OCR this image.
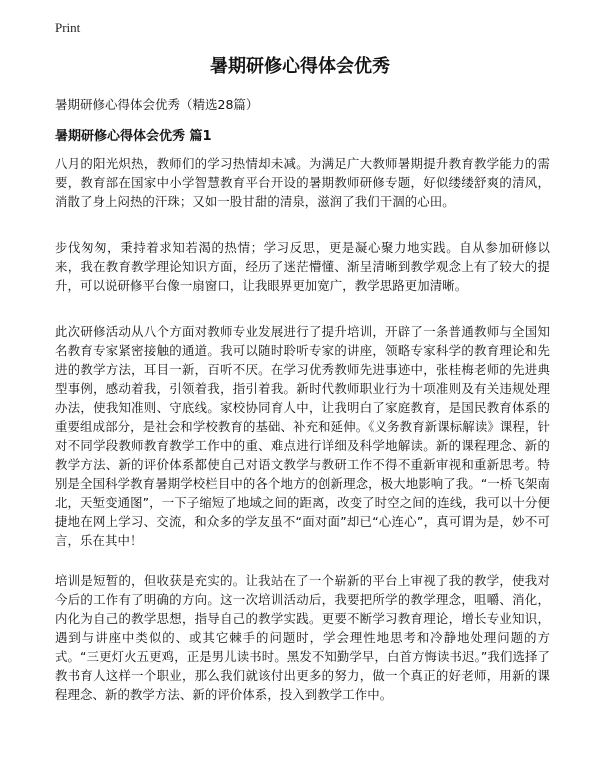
Print
暑期研修心得体会优秀

暑期研修心得体会优秀（精选28篇）

暑期研修心得体会优秀 篇1

八月的阳光炽热，教师们的学习热情却未减。为满足广大教师暑期提升教育教学能力的需要，教育部在国家中小学智慧教育平台开设的暑期教师研修专题，好似缕缕舒爽的清风，消散了身上闷热的汗珠；又如一股甘甜的清泉，滋润了我们干涸的心田。

步伐匆匆，秉持着求知若渴的热情；学习反思，更是凝心聚力地实践。自从参加研修以来，我在教育教学理论知识方面，经历了迷茫懵懂、渐呈清晰到教学观念上有了较大的提升，可以说研修平台像一扇窗口，让我眼界更加宽广，教学思路更加清晰。

此次研修活动从八个方面对教师专业发展进行了提升培训，开辟了一条普通教师与全国知名教育专家紧密接触的通道。我可以随时聆听专家的讲座，领略专家科学的教育理论和先进的教学方法，耳目一新，百听不厌。在学习优秀教师先进事迹中，张桂梅老师的先进典型事例，感动着我，引领着我，指引着我。新时代教师职业行为十项准则及有关违规处理办法，使我知准则、守底线。家校协同育人中，让我明白了家庭教育，是国民教育体系的重要组成部分，是社会和学校教育的基础、补充和延伸。《义务教育新课标解读》课程，针对不同学段教师教育教学工作中的重、难点进行详细及科学地解读。新的课程理念、新的教学方法、新的评价体系都使自己对语文教学与教研工作不得不重新审视和重新思考。特别是全国科学教育暑期学校栏目中的各个地方的创新理念，极大地影响了我。“一桥飞架南北，天堑变通图”，一下子缩短了地域之间的距离，改变了时空之间的连线，我可以十分便捷地在网上学习、交流，和众多的学友虽不“面对面”却已“心连心”，真可谓为是，妙不可言，乐在其中！

培训是短暂的，但收获是充实的。让我站在了一个崭新的平台上审视了我的教学，使我对今后的工作有了明确的方向。这一次培训活动后，我要把所学的教学理念，咀嚼、消化，内化为自己的教学思想，指导自己的教学实践。更要不断学习教育理论，增长专业知识，遇到与讲座中类似的、或其它棘手的问题时，学会理性地思考和冷静地处理问题的方式。“三更灯火五更鸡，正是男儿读书时。黑发不知勤学早，白首方悔读书迟。”我们选择了教书育人这样一个职业，那么我们就该付出更多的努力，做一个真正的好老师，用新的课程理念、新的教学方法、新的评价体系，投入到教学工作中。
